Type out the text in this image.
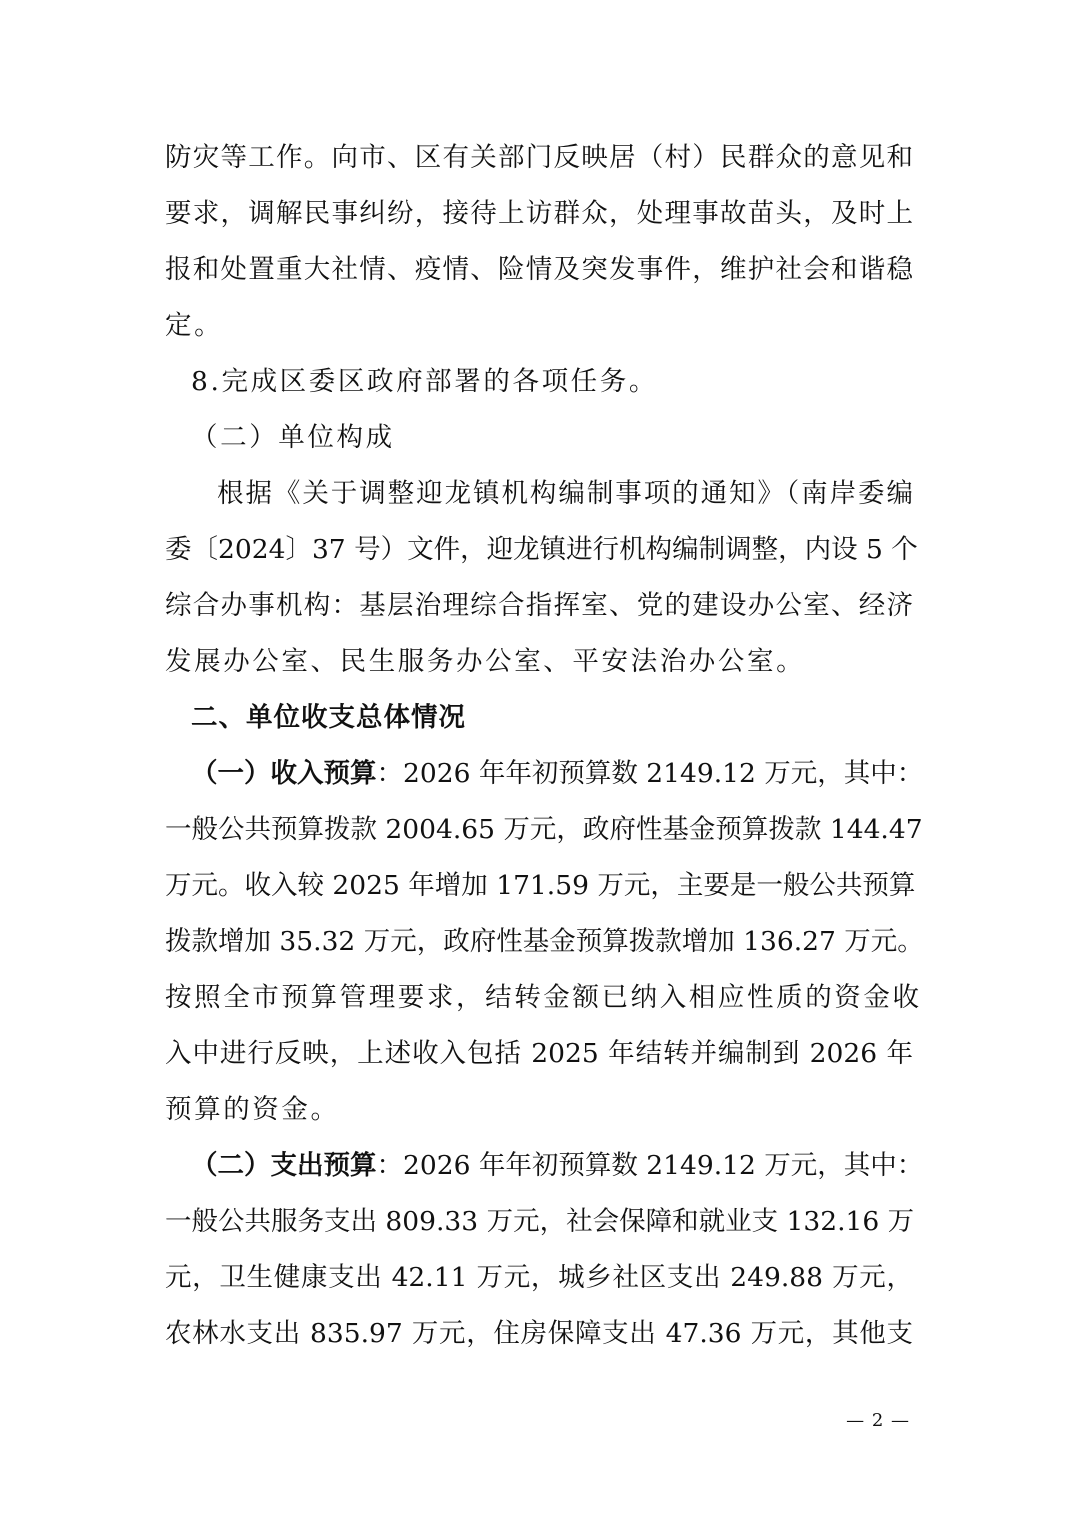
防灾等工作。向市、区有关部门反映居（村）民群众的意见和
要求，调解民事纠纷，接待上访群众，处理事故苗头，及时上
报和处置重大社情、疫情、险情及突发事件，维护社会和谐稳
定。
8.完成区委区政府部署的各项任务。
（二）单位构成
根据《关于调整迎龙镇机构编制事项的通知》（南岸委编
委〔2024〕37 号）文件，迎龙镇进行机构编制调整，内设 5 个
综合办事机构：基层治理综合指挥室、党的建设办公室、经济
发展办公室、民生服务办公室、平安法治办公室。
二、单位收支总体情况
（一）收入预算：2026 年年初预算数 2149.12 万元，其中：
一般公共预算拨款 2004.65 万元，政府性基金预算拨款 144.47
万元。收入较 2025 年增加 171.59 万元，主要是一般公共预算
拨款增加 35.32 万元，政府性基金预算拨款增加 136.27 万元。
按照全市预算管理要求，结转金额已纳入相应性质的资金收
入中进行反映，上述收入包括 2025 年结转并编制到 2026 年
预算的资金。
（二）支出预算：2026 年年初预算数 2149.12 万元，其中：
一般公共服务支出 809.33 万元，社会保障和就业支 132.16 万
元，卫生健康支出 42.11 万元，城乡社区支出 249.88 万元，
农林水支出 835.97 万元，住房保障支出 47.36 万元，其他支
— 2 —
